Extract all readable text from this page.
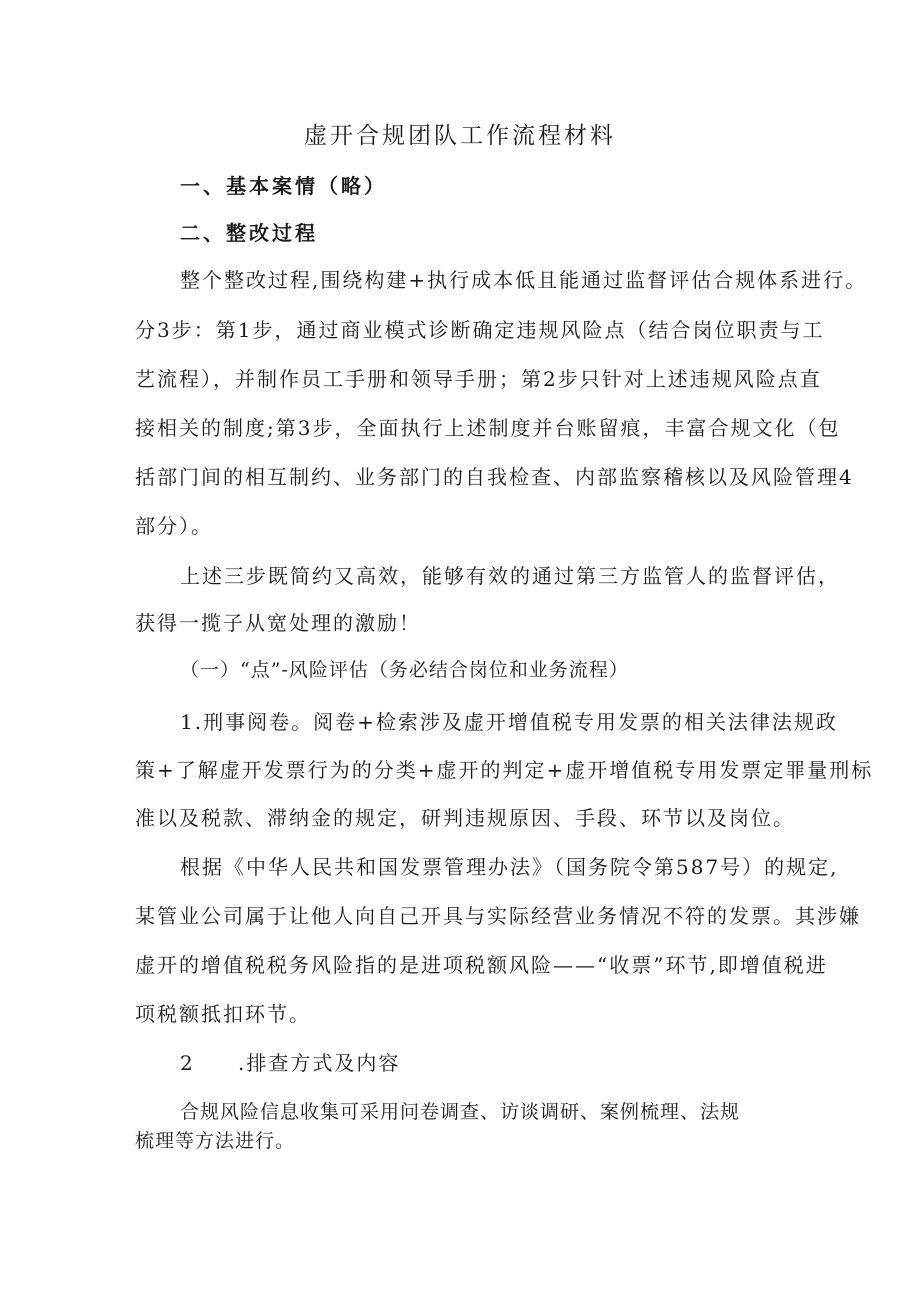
虚开合规团队工作流程材料
一、基本案情（略）
二、整改过程
整个整改过程,围绕构建+执行成本低且能通过监督评估合规体系进行。
分3步：第1步，通过商业模式诊断确定违规风险点（结合岗位职责与工
艺流程），并制作员工手册和领导手册；第2步只针对上述违规风险点直
接相关的制度;第3步，全面执行上述制度并台账留痕，丰富合规文化（包
括部门间的相互制约、业务部门的自我检查、内部监察稽核以及风险管理4
部分）。
上述三步既简约又高效，能够有效的通过第三方监管人的监督评估，
获得一揽子从宽处理的激励！
（一）“点”-风险评估（务必结合岗位和业务流程）
1.刑事阅卷。阅卷+检索涉及虚开增值税专用发票的相关法律法规政
策+了解虚开发票行为的分类+虚开的判定+虚开增值税专用发票定罪量刑标
准以及税款、滞纳金的规定，研判违规原因、手段、环节以及岗位。
根据《中华人民共和国发票管理办法》（国务院令第587号）的规定,
某管业公司属于让他人向自己开具与实际经营业务情况不符的发票。其涉嫌
虚开的增值税税务风险指的是进项税额风险——“收票”环节,即增值税进
项税额抵扣环节。
2 .排查方式及内容
合规风险信息收集可采用问卷调查、访谈调研、案例梳理、法规
梳理等方法进行。
